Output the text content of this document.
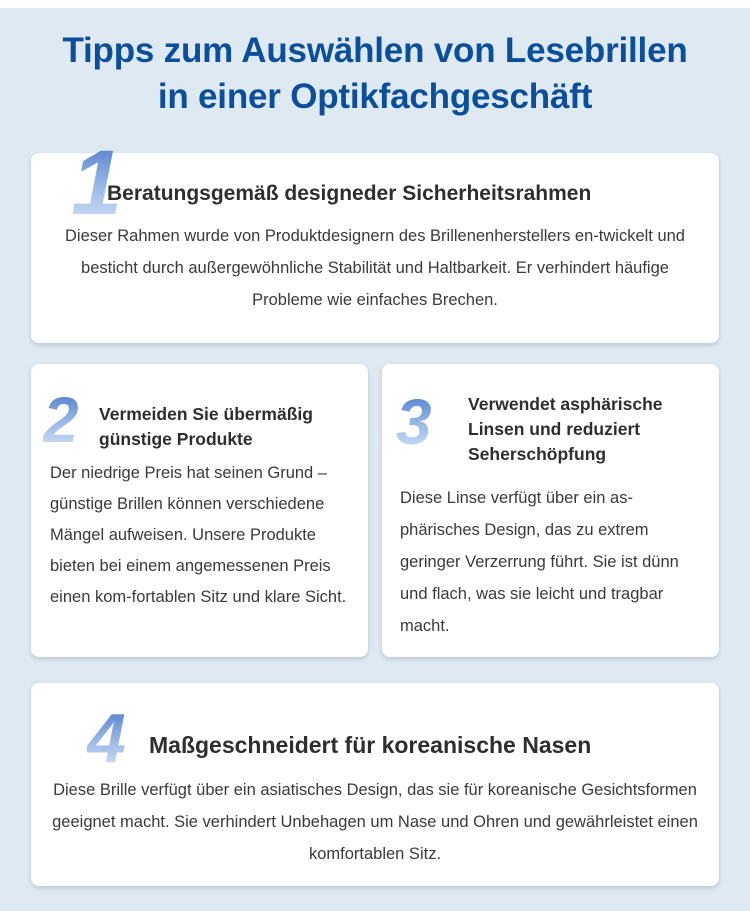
Tipps zum Auswählen von Lesebrillen
in einer Optikfachgeschäft
1
Beratungsgemäß designeder Sicherheitsrahmen

Dieser Rahmen wurde von Produktdesignern des Brillenenherstellers en-twickelt und besticht durch außergewöhnliche Stabilität und Haltbarkeit. Er verhindert häufige Probleme wie einfaches Brechen.

2 Vermeiden Sie übermäßig günstige Produkte

Der niedrige Preis hat seinen Grund – günstige Brillen können verschiedene Mängel aufweisen. Unsere Produkte bieten bei einem angemessenen Preis einen kom-fortablen Sitz und klare Sicht.

3 Verwendet asphärische Linsen und reduziert Seherschöpfung

Diese Linse verfügt über ein as-phärisches Design, das zu extrem geringer Verzerrung führt. Sie ist dünn und flach, was sie leicht und tragbar macht.

4 Maßgeschneidert für koreanische Nasen

Diese Brille verfügt über ein asiatisches Design, das sie für koreanische Gesichtsformen geeignet macht. Sie verhindert Unbehagen um Nase und Ohren und gewährleistet einen komfortablen Sitz.
